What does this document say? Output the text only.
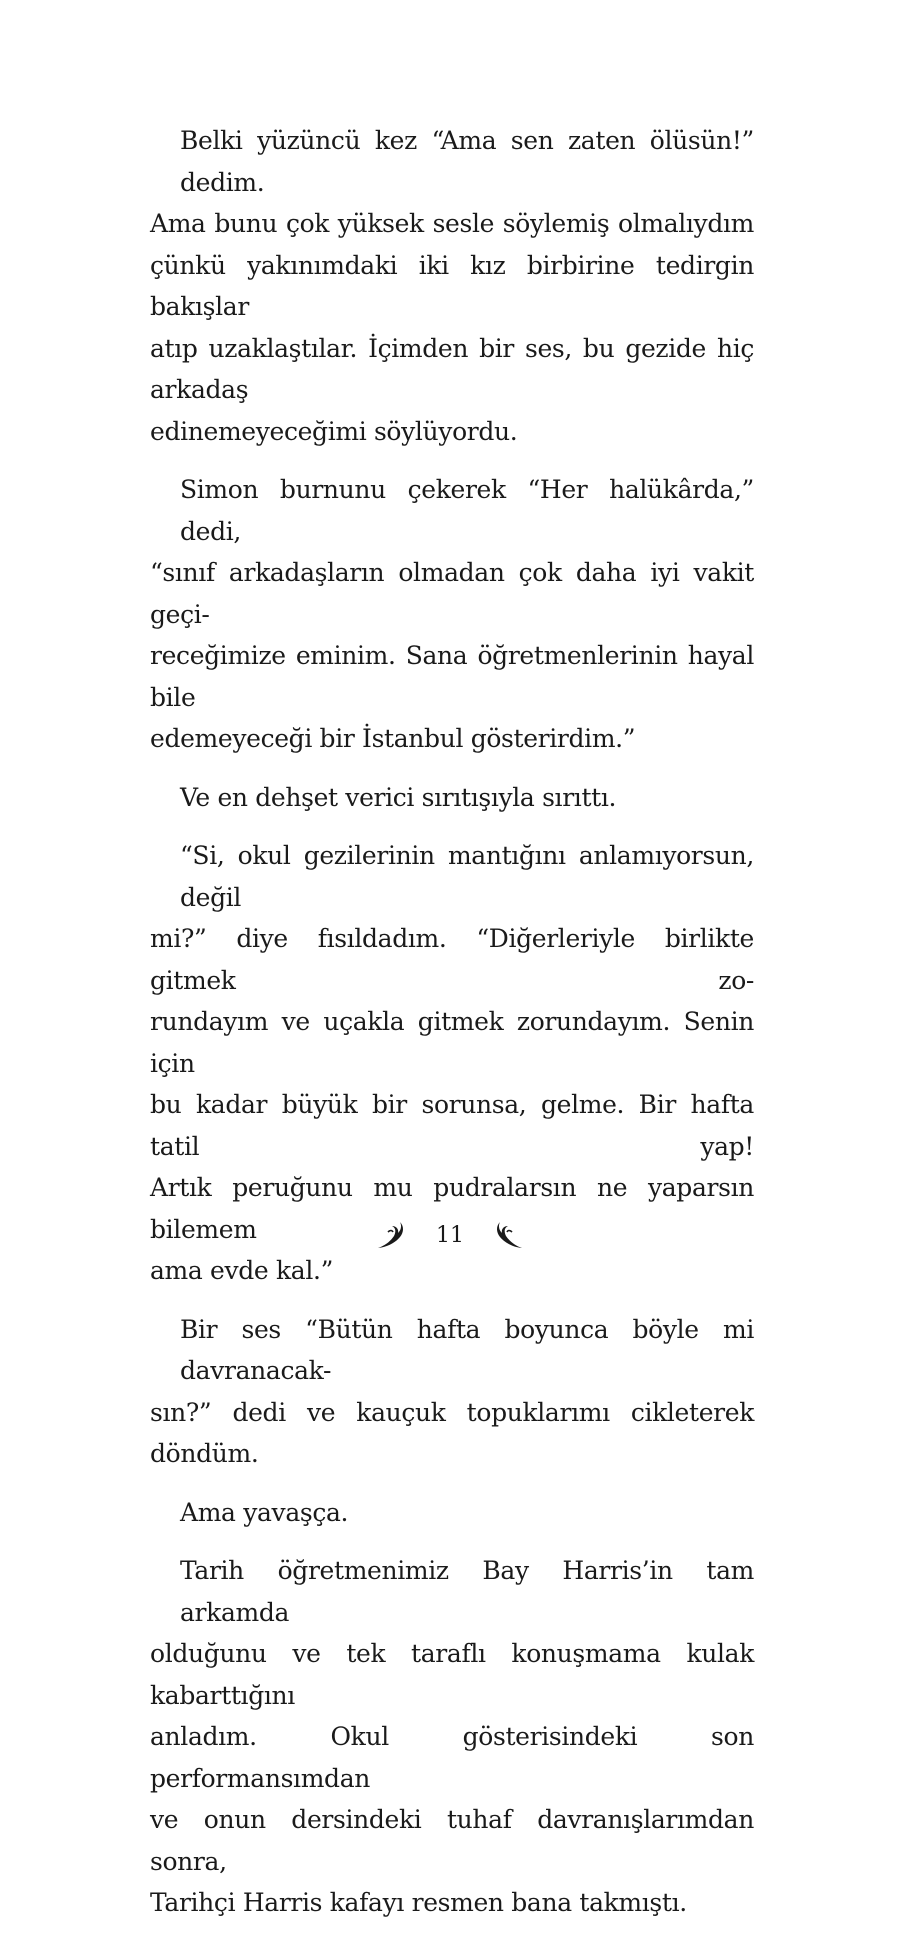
Belki yüzüncü kez “Ama sen zaten ölüsün!” dedim.
Ama bunu çok yüksek sesle söylemiş olmalıydım
çünkü yakınımdaki iki kız birbirine tedirgin bakışlar
atıp uzaklaştılar. İçimden bir ses, bu gezide hiç arkadaş
edinemeyeceğimi söylüyordu.

Simon burnunu çekerek “Her halükârda,” dedi,
“sınıf arkadaşların olmadan çok daha iyi vakit geçi-
receğimize eminim. Sana öğretmenlerinin hayal bile
edemeyeceği bir İstanbul gösterirdim.”

Ve en dehşet verici sırıtışıyla sırıttı.

“Si, okul gezilerinin mantığını anlamıyorsun, değil
mi?” diye fısıldadım. “Diğerleriyle birlikte gitmek zo-
rundayım ve uçakla gitmek zorundayım. Senin için
bu kadar büyük bir sorunsa, gelme. Bir hafta tatil yap!
Artık peruğunu mu pudralarsın ne yaparsın bilemem
ama evde kal.”

Bir ses “Bütün hafta boyunca böyle mi davranacak-
sın?” dedi ve kauçuk topuklarımı cikleterek döndüm.

Ama yavaşça.

Tarih öğretmenimiz Bay Harris’in tam arkamda
olduğunu ve tek taraflı konuşmama kulak kabarttığını
anladım. Okul gösterisindeki son performansımdan
ve onun dersindeki tuhaf davranışlarımdan sonra,
Tarihçi Harris kafayı resmen bana takmıştı.

11
